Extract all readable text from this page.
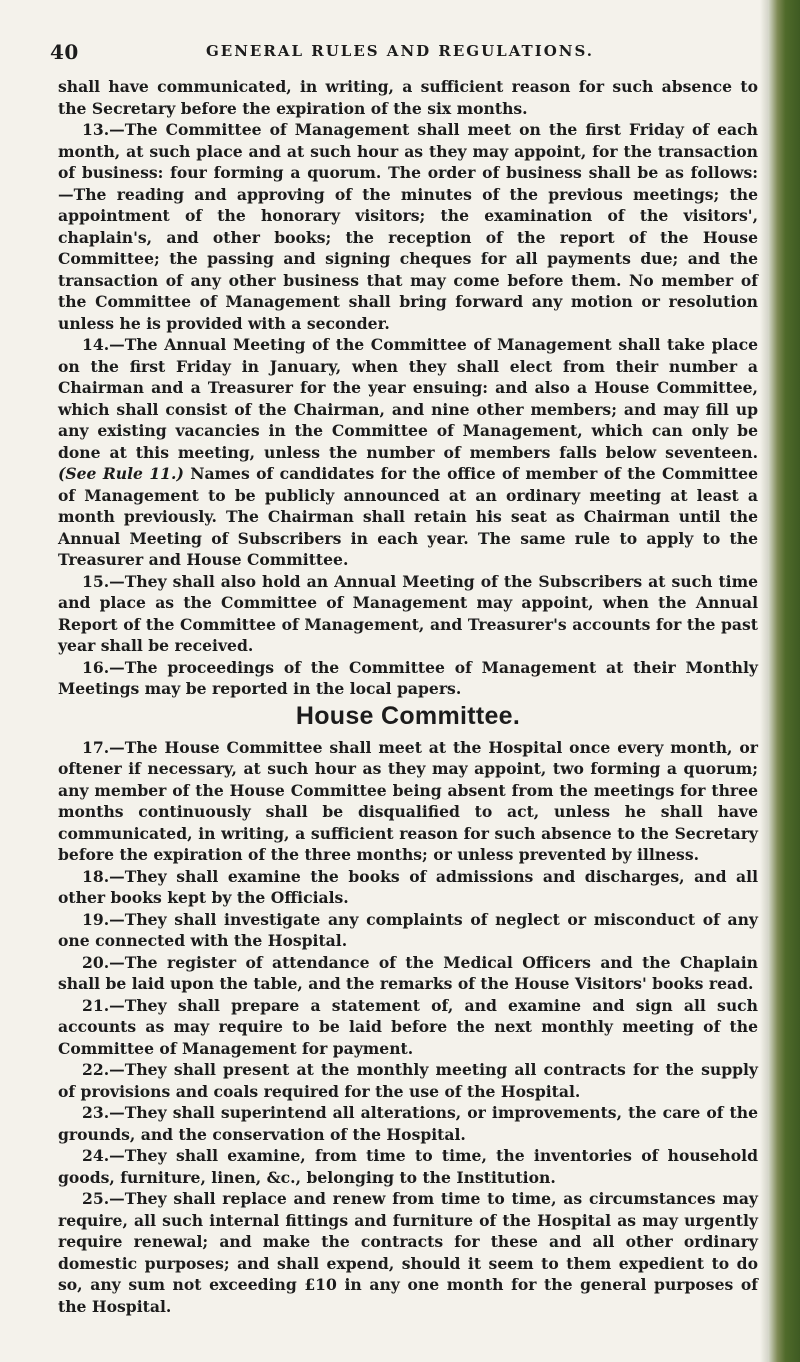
40	GENERAL RULES AND REGULATIONS.

shall have communicated, in writing, a sufficient reason for such absence to the Secretary before the expiration of the six months.

13.—The Committee of Management shall meet on the first Friday of each month, at such place and at such hour as they may appoint, for the transaction of business: four forming a quorum. The order of business shall be as follows: —The reading and approving of the minutes of the previous meetings; the appointment of the honorary visitors; the examination of the visitors', chaplain's, and other books; the reception of the report of the House Committee; the passing and signing cheques for all payments due; and the transaction of any other business that may come before them. No member of the Committee of Management shall bring forward any motion or resolution unless he is provided with a seconder.

14.—The Annual Meeting of the Committee of Management shall take place on the first Friday in January, when they shall elect from their number a Chairman and a Treasurer for the year ensuing: and also a House Committee, which shall consist of the Chairman, and nine other members; and may fill up any existing vacancies in the Committee of Management, which can only be done at this meeting, unless the number of members falls below seventeen. (See Rule 11.) Names of candidates for the office of member of the Committee of Management to be publicly announced at an ordinary meeting at least a month previously. The Chairman shall retain his seat as Chairman until the Annual Meeting of Subscribers in each year. The same rule to apply to the Treasurer and House Committee.

15.—They shall also hold an Annual Meeting of the Subscribers at such time and place as the Committee of Management may appoint, when the Annual Report of the Committee of Management, and Treasurer's accounts for the past year shall be received.

16.—The proceedings of the Committee of Management at their Monthly Meetings may be reported in the local papers.

House Committee.

17.—The House Committee shall meet at the Hospital once every month, or oftener if necessary, at such hour as they may appoint, two forming a quorum; any member of the House Committee being absent from the meetings for three months continuously shall be disqualified to act, unless he shall have communicated, in writing, a sufficient reason for such absence to the Secretary before the expiration of the three months; or unless prevented by illness.

18.—They shall examine the books of admissions and discharges, and all other books kept by the Officials.

19.—They shall investigate any complaints of neglect or misconduct of any one connected with the Hospital.

20.—The register of attendance of the Medical Officers and the Chaplain shall be laid upon the table, and the remarks of the House Visitors' books read.

21.—They shall prepare a statement of, and examine and sign all such accounts as may require to be laid before the next monthly meeting of the Committee of Management for payment.

22.—They shall present at the monthly meeting all contracts for the supply of provisions and coals required for the use of the Hospital.

23.—They shall superintend all alterations, or improvements, the care of the grounds, and the conservation of the Hospital.

24.—They shall examine, from time to time, the inventories of household goods, furniture, linen, &c., belonging to the Institution.

25.—They shall replace and renew from time to time, as circumstances may require, all such internal fittings and furniture of the Hospital as may urgently require renewal; and make the contracts for these and all other ordinary domestic purposes; and shall expend, should it seem to them expedient to do so, any sum not exceeding £10 in any one month for the general purposes of the Hospital.
